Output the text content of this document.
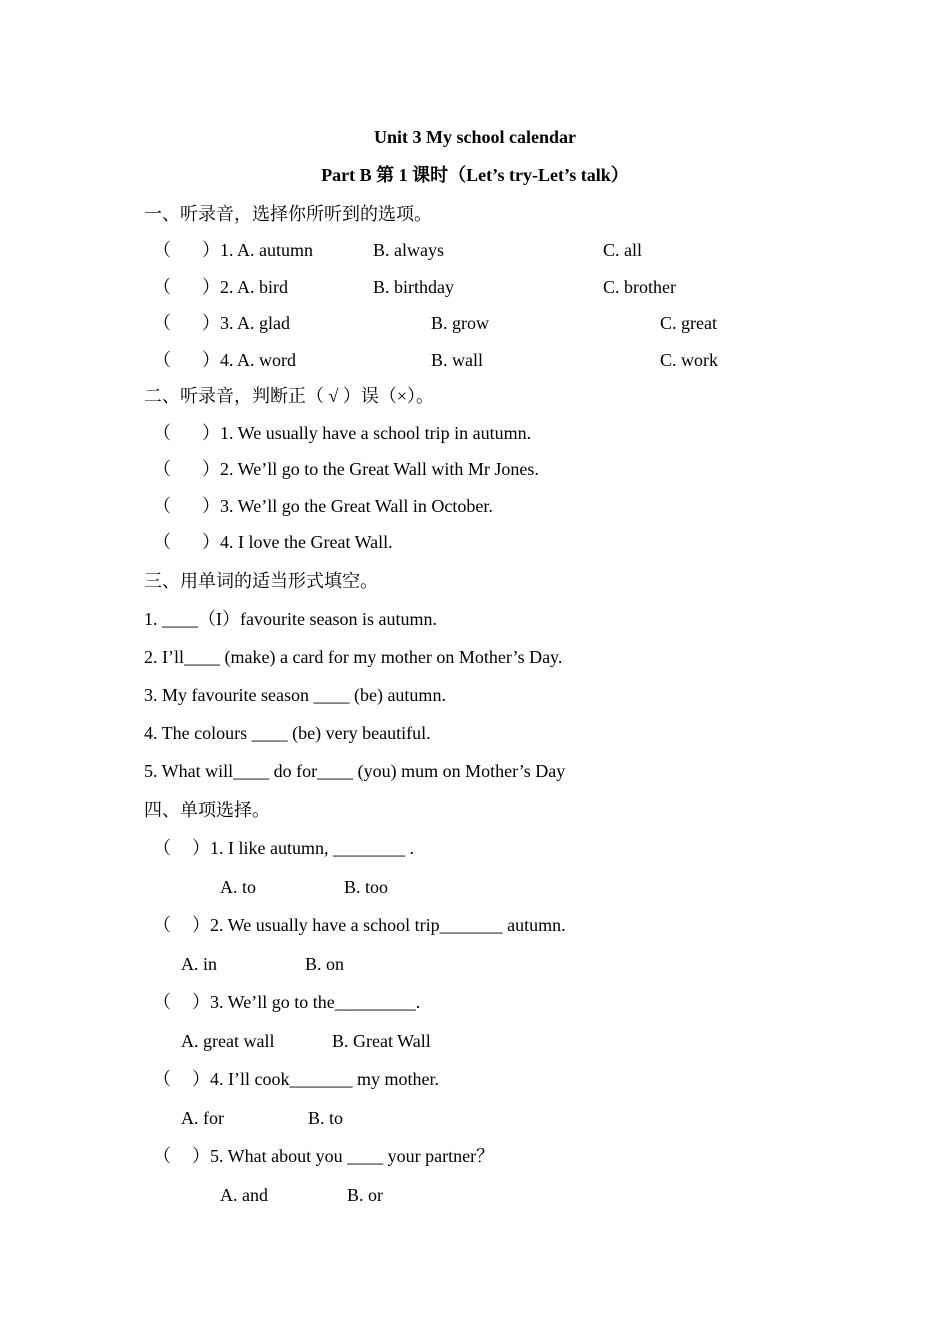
Unit 3 My school calendar
Part B 第 1 课时（Let’s try-Let’s talk）
一、听录音，选择你所听到的选项。
（ ）1. A. autumn	B. always	C. all
（ ）2. A. bird	B. birthday	C. brother
（ ）3. A. glad	B. grow	C. great
（ ）4. A. word	B. wall	C. work
二、听录音，判断正（ √ ）误（×）。
（ ）1. We usually have a school trip in autumn.
（ ）2. We’ll go to the Great Wall with Mr Jones.
（ ）3. We’ll go the Great Wall in October.
（ ）4. I love the Great Wall.
三、用单词的适当形式填空。
1. ____（I）favourite season is autumn.
2. I’ll____ (make) a card for my mother on Mother’s Day.
3. My favourite season ____ (be) autumn.
4. The colours ____ (be) very beautiful.
5. What will____ do for____ (you) mum on Mother’s Day
四、单项选择。
（ ）1. I like autumn, ________ .
A. to	B. too
（ ）2. We usually have a school trip_______ autumn.
A. in	B. on
（ ）3. We’ll go to the_________.
A. great wall	B. Great Wall
（ ）4. I’ll cook_______ my mother.
A. for	B. to
（ ）5. What about you ____ your partner？
A. and	B. or
